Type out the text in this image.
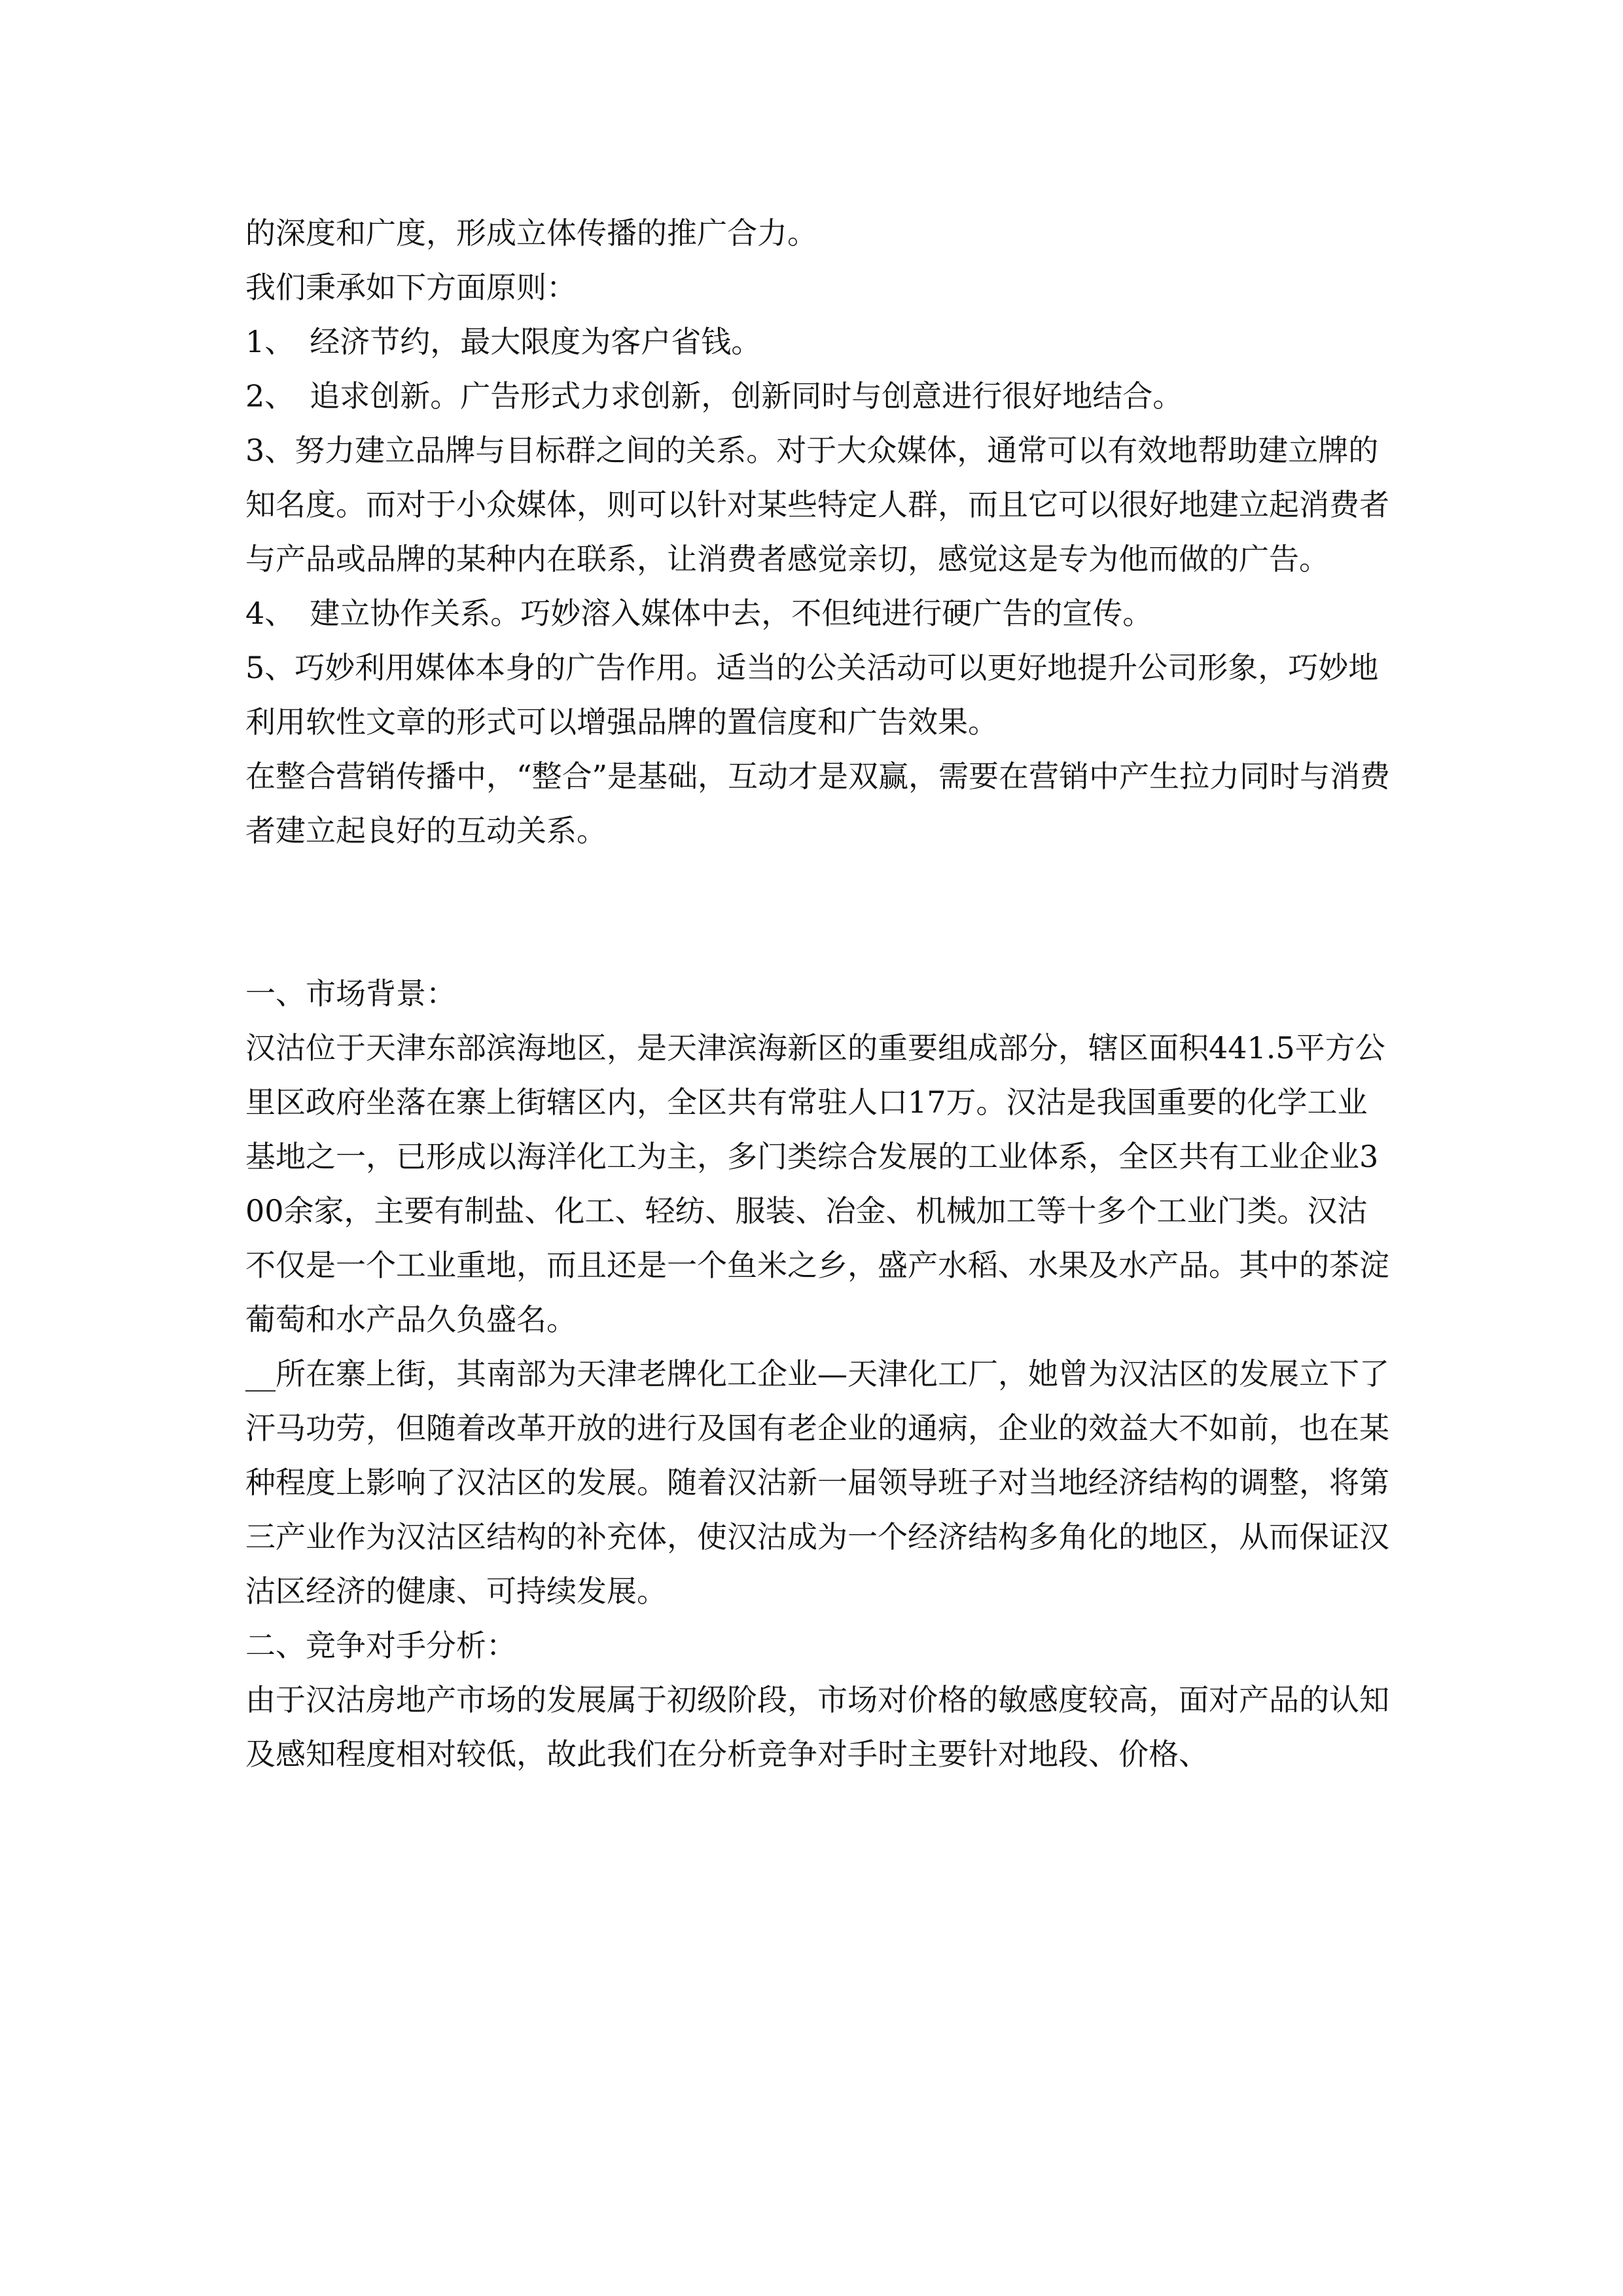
的深度和广度，形成立体传播的推广合力。

我们秉承如下方面原则：

1、　经济节约，最大限度为客户省钱。

2、　追求创新。广告形式力求创新，创新同时与创意进行很好地结合。

3、努力建立品牌与目标群之间的关系。对于大众媒体，通常可以有效地帮助建立牌的知名度。而对于小众媒体，则可以针对某些特定人群，而且它可以很好地建立起消费者与产品或品牌的某种内在联系，让消费者感觉亲切，感觉这是专为他而做的广告。

4、　建立协作关系。巧妙溶入媒体中去，不但纯进行硬广告的宣传。

5、巧妙利用媒体本身的广告作用。适当的公关活动可以更好地提升公司形象，巧妙地利用软性文章的形式可以增强品牌的置信度和广告效果。

在整合营销传播中，“整合”是基础，互动才是双赢，需要在营销中产生拉力同时与消费者建立起良好的互动关系。

一、市场背景：

汉沽位于天津东部滨海地区，是天津滨海新区的重要组成部分，辖区面积441.5平方公里区政府坐落在寨上街辖区内，全区共有常驻人口17万。汉沽是我国重要的化学工业基地之一，已形成以海洋化工为主，多门类综合发展的工业体系，全区共有工业企业300余家，主要有制盐、化工、轻纺、服装、冶金、机械加工等十多个工业门类。汉沽不仅是一个工业重地，而且还是一个鱼米之乡，盛产水稻、水果及水产品。其中的茶淀葡萄和水产品久负盛名。

__所在寨上街，其南部为天津老牌化工企业—天津化工厂，她曾为汉沽区的发展立下了汗马功劳，但随着改革开放的进行及国有老企业的通病，企业的效益大不如前，也在某种程度上影响了汉沽区的发展。随着汉沽新一届领导班子对当地经济结构的调整，将第三产业作为汉沽区结构的补充体，使汉沽成为一个经济结构多角化的地区，从而保证汉沽区经济的健康、可持续发展。

二、竞争对手分析：

由于汉沽房地产市场的发展属于初级阶段，市场对价格的敏感度较高，面对产品的认知及感知程度相对较低，故此我们在分析竞争对手时主要针对地段、价格、
